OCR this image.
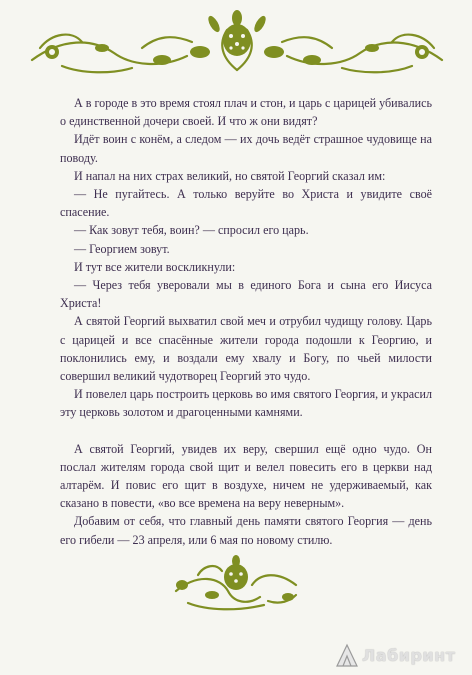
А в городе в это время стоял плач и стон, и царь с царицей убивались о единственной дочери своей. И что ж они видят?

Идёт воин с конём, а следом — их дочь ведёт страшное чудовище на поводу.

И напал на них страх великий, но святой Георгий сказал им:

— Не пугайтесь. А только веруйте во Христа и увидите своё спасение.

— Как зовут тебя, воин? — спросил его царь.

— Георгием зовут.

И тут все жители воскликнули:

— Через тебя уверовали мы в единого Бога и сына его Иисуса Христа!

А святой Георгий выхватил свой меч и отрубил чудищу голову. Царь с царицей и все спасённые жители города подошли к Георгию, и поклонились ему, и воздали ему хвалу и Богу, по чьей милости совершил великий чудотворец Георгий это чудо.

И повелел царь построить церковь во имя святого Георгия, и украсил эту церковь золотом и драгоценными камнями.

А святой Георгий, увидев их веру, свершил ещё одно чудо. Он послал жителям города свой щит и велел повесить его в церкви над алтарём. И повис его щит в воздухе, ничем не удерживаемый, как сказано в повести, «во все времена на веру неверным».

Добавим от себя, что главный день памяти святого Георгия — день его гибели — 23 апреля, или 6 мая по новому стилю.

Лабиринт
